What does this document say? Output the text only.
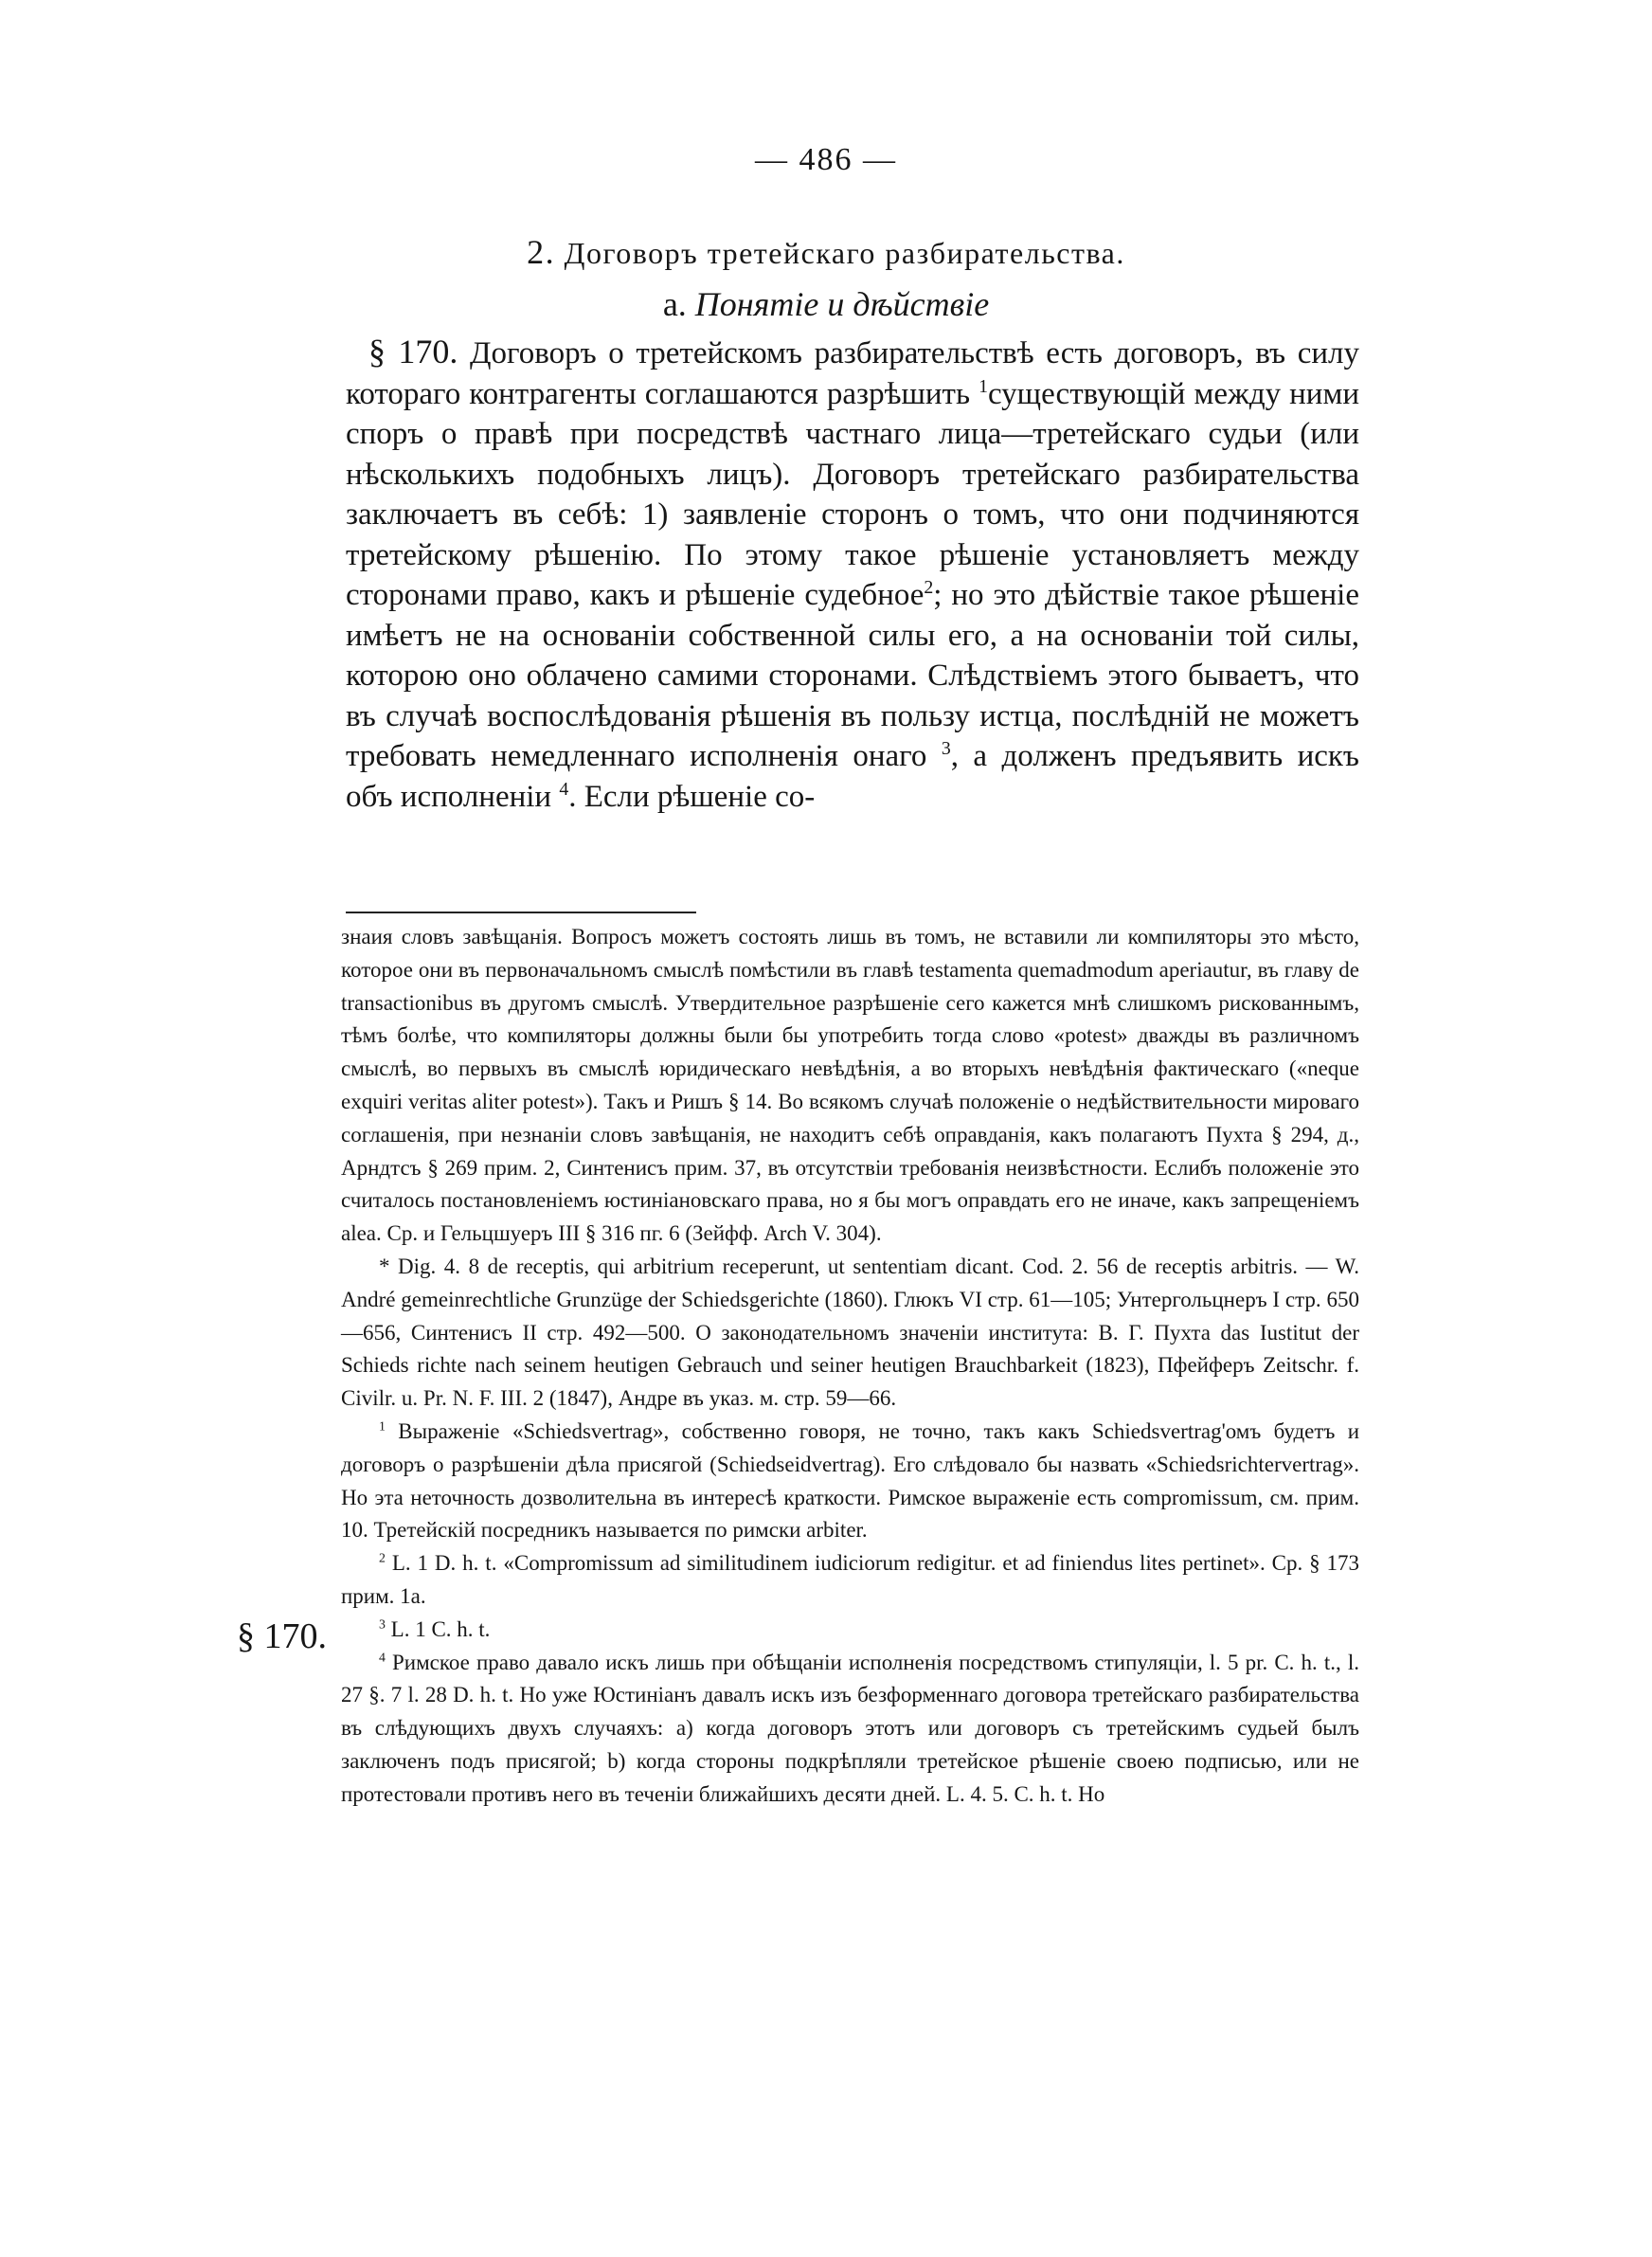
— 486 —
2. Договоръ третейскаго разбирательства.
a. Понятіе и дѣйствіе

§ 170. Договоръ о третейскомъ разбирательствѣ есть договоръ, въ силу котораго контрагенты соглашаются разрѣшить $^1$существующій между ними споръ о правѣ при посредствѣ частнаго лица—третейскаго судьи (или нѣсколькихъ подобныхъ лицъ). Договоръ третейскаго разбирательства заключаетъ въ себѣ: 1) заявленіе сторонъ о томъ, что они подчиняются третейскому рѣшенію. По этому такое рѣшеніе установляетъ между сторонами право, какъ и рѣшеніе судебное$^2$; но это дѣйствіе такое рѣшеніе имѣетъ не на основаніи собственной силы его, а на основаніи той силы, которою оно облачено самими сторонами. Слѣдствіемъ этого бываетъ, что въ случаѣ воспослѣдованія рѣшенія въ пользу истца, послѣдній не можетъ требовать немедленнаго исполненія онаго $^3$, а долженъ предъявить искъ объ исполненіи $^4$. Если рѣшеніе со-

знаия словъ завѣщанія. Вопросъ можетъ состоять лишь въ томъ, не вставили ли компиляторы это мѣсто, которое они въ первоначальномъ смыслѣ помѣстили въ главѣ testamenta quemadmodum aperiautur, въ главу de transactionibus въ другомъ смыслѣ. Утвердительное разрѣшеніе сего кажется мнѣ слишкомъ рискованнымъ, тѣмъ болѣе, что компиляторы должны были бы употребить тогда слово «potest» дважды въ различномъ смыслѣ, во первыхъ въ смыслѣ юридическаго невѣдѣнія, а во вторыхъ невѣдѣнія фактическаго («neque exquiri veritas aliter potest»). Такъ и Ришъ § 14. Во всякомъ случаѣ положеніе о недѣйствительности мировaго соглашенія, при незнаніи словъ завѣщанія, не находитъ себѣ оправданія, какъ полагаютъ Пухта § 294, д., Арндтсъ § 269 прим. 2, Синтенисъ прим. 37, въ отсутствіи требованія неизвѣстности. Еслибъ положеніе это считалось постановленіемъ юстиніановскаго права, но я бы могъ оправдать его не иначе, какъ запрещеніемъ alea. Ср. и Гельцшуеръ III § 316 пг. 6 (Зейфф. Arch V. 304).

* Dig. 4. 8 de receptis, qui arbitrium receperunt, ut sententiam dicant. Cod. 2. 56 de receptis arbitris. — W. André gemeinrechtliche Grunzüge der Schiedsgerichte (1860). Глюкъ VI стр. 61—105; Унтергольцнеръ I стр. 650—656, Синтенисъ II стр. 492—500. О законодательномъ значеніи института: В. Г. Пухта das Iustitut der Schieds richte nach seinem heutigen Gebrauch und seiner heutigen Brauchbarkeit (1823), Пфейферъ Zeitschr. f. Civilr. u. Pr. N. F. III. 2 (1847), Андре въ указ. м. стр. 59—66.

$^1$ Выраженіе «Schiedsvertrag», собственно говоря, не точно, такъ какъ Schiedsvertrag'омъ будетъ и договоръ о разрѣшеніи дѣла присягой (Schiedseidvertrag). Его слѣдовало бы назвать «Schiedsrichtervertrag». Но эта неточность дозволительна въ интересѣ краткости. Римское выраженіе есть compromissum, см. прим. 10. Третейскій посредникъ называется по римски arbiter.

$^2$ L. 1 D. h. t. «Compromissum ad similitudinem iudiciorum redigitur. et ad finiendus lites pertinet». Ср. § 173 прим. 1a.

$^3$ L. 1 C. h. t.

$^4$ Римское право давало искъ лишь при обѣщаніи исполненія посредствомъ стипуляціи, l. 5 pr. C. h. t., l. 27 §. 7 l. 28 D. h. t. Но уже Юстиніанъ давалъ искъ изъ безформеннаго договора третейскаго разбирательства въ слѣдующихъ двухъ случаяхъ: а) когда договоръ этотъ или договоръ съ третейскимъ судьей былъ заключенъ подъ присягой; b) когда стороны подкрѣпляли третейское рѣшеніе своею подписью, или не протестовали противъ него въ теченіи ближайшихъ десяти дней. L. 4. 5. C. h. t. Но

§ 170.
